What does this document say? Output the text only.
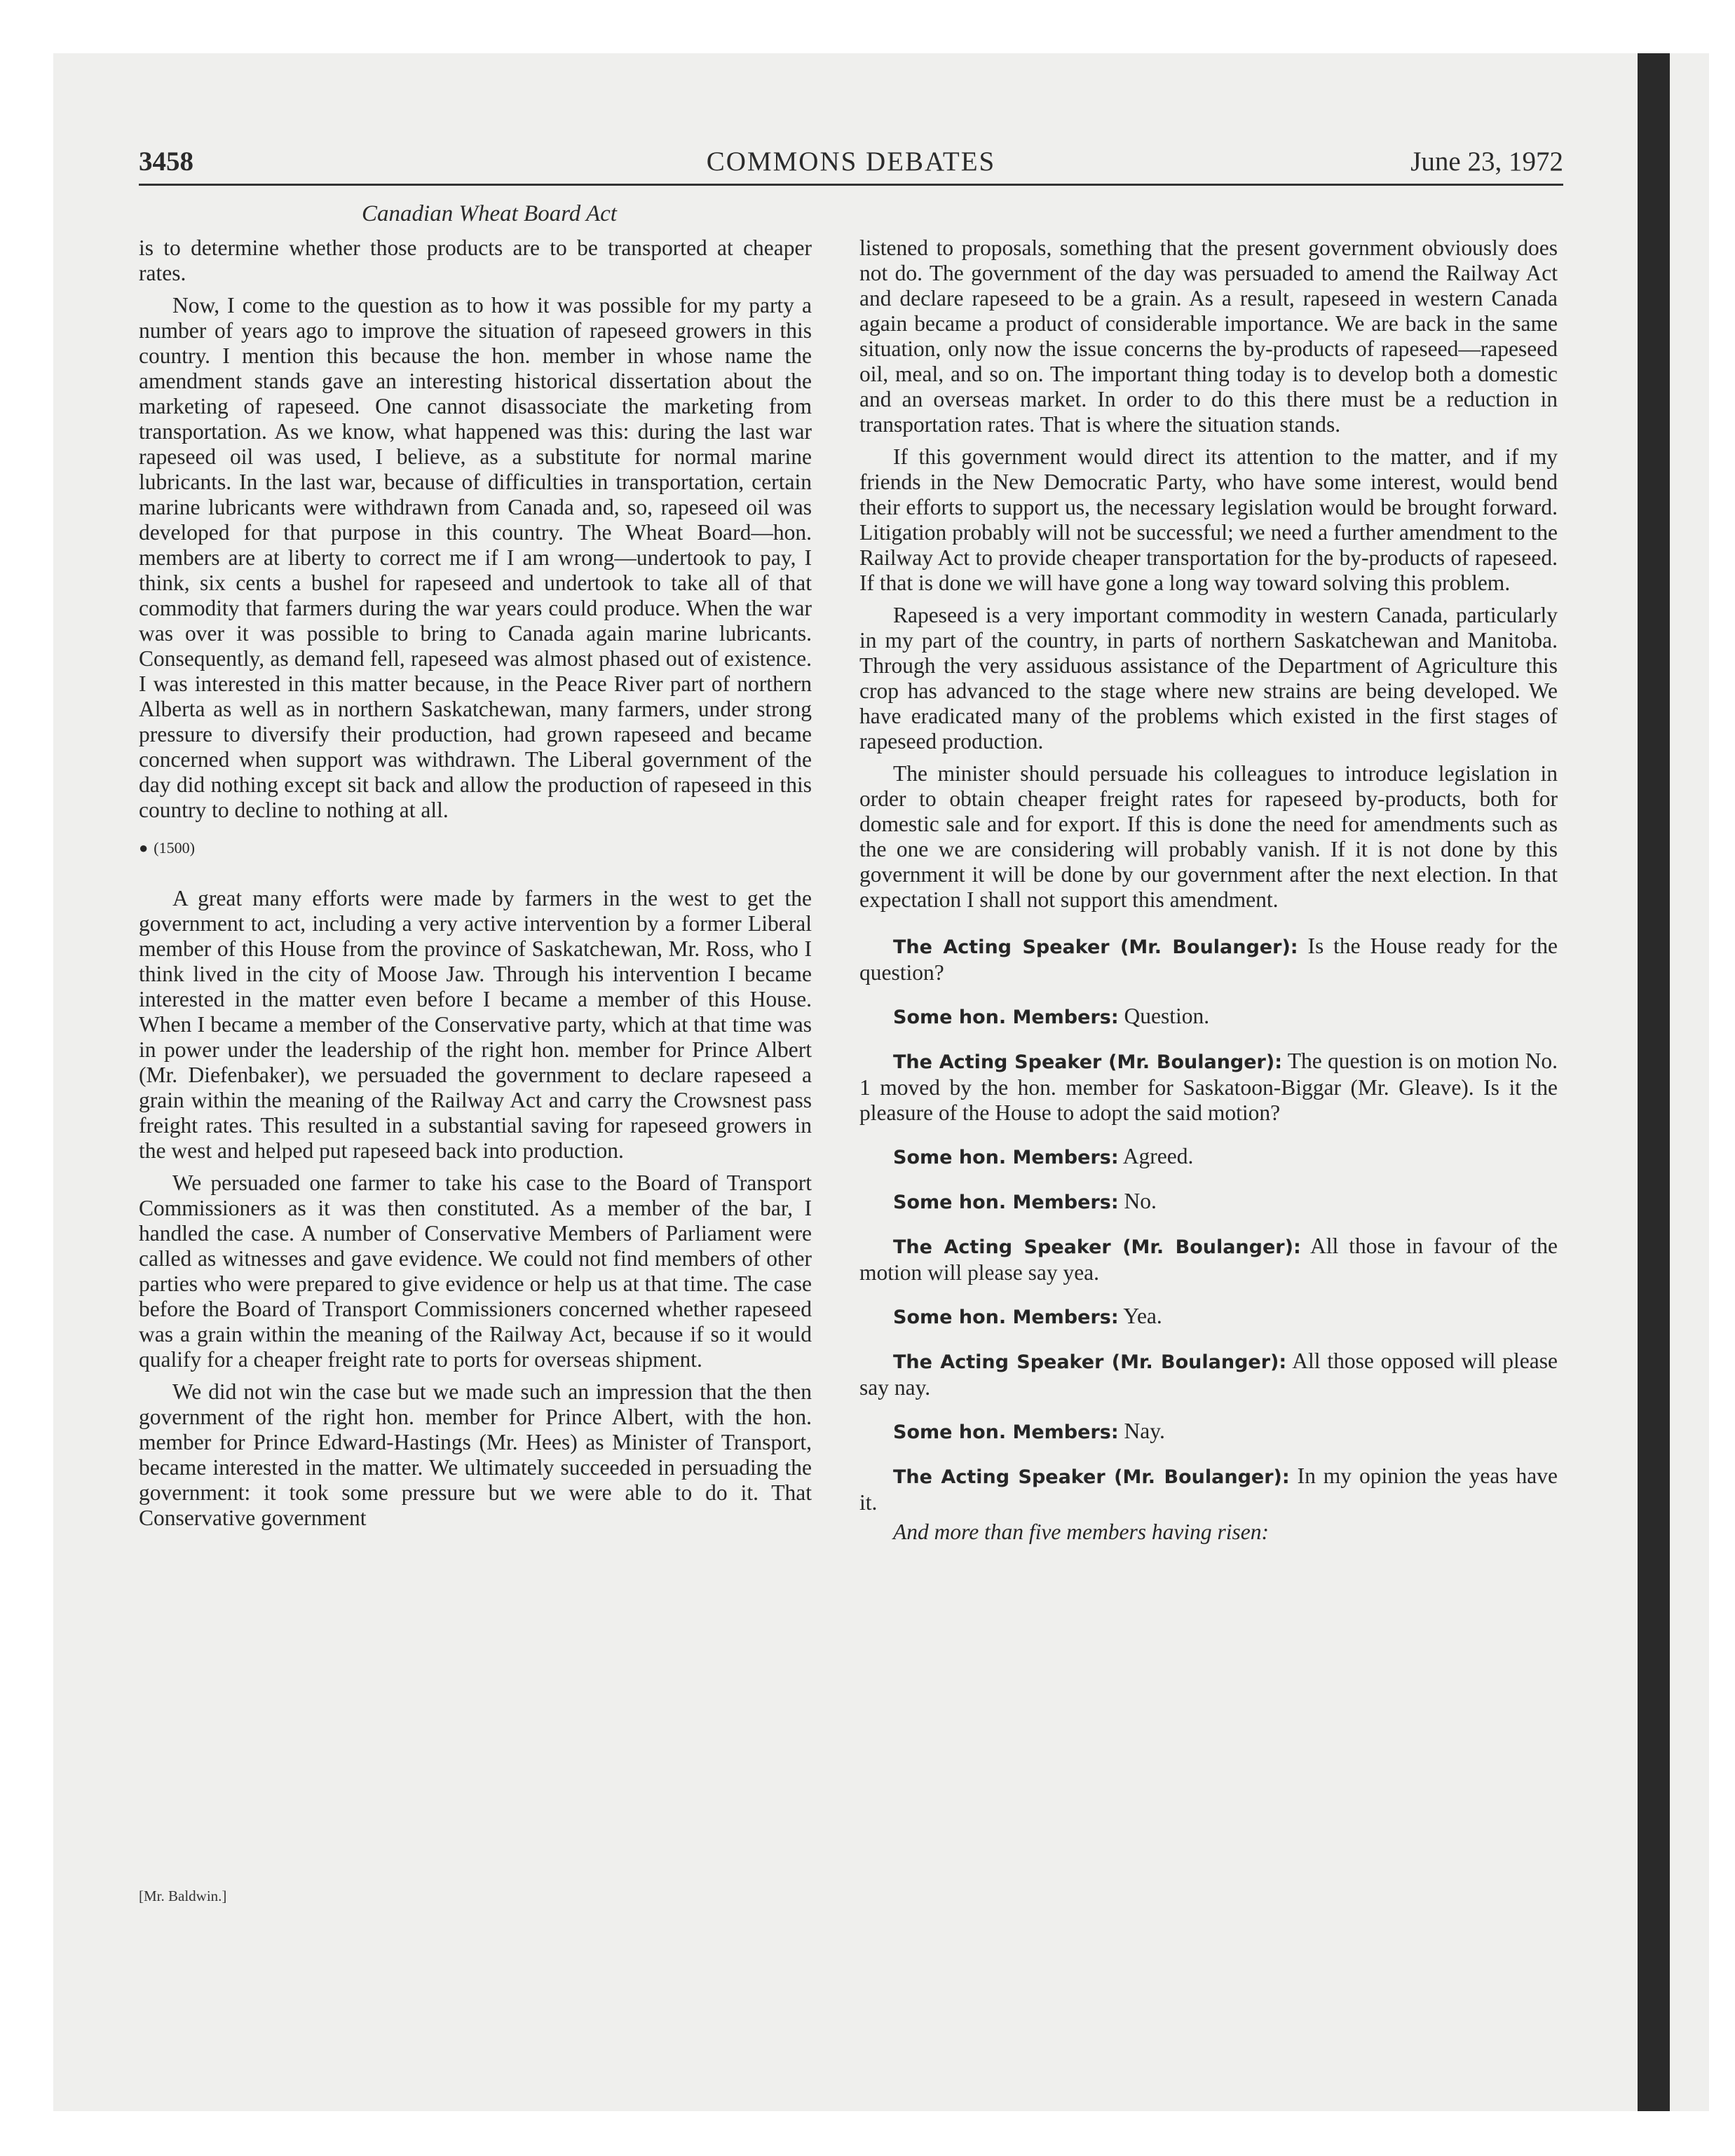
3458	COMMONS DEBATES	June 23, 1972
Canadian Wheat Board Act

is to determine whether those products are to be transported at cheaper rates.

Now, I come to the question as to how it was possible for my party a number of years ago to improve the situation of rapeseed growers in this country. I mention this because the hon. member in whose name the amendment stands gave an interesting historical dissertation about the marketing of rapeseed. One cannot disassociate the marketing from transportation. As we know, what happened was this: during the last war rapeseed oil was used, I believe, as a substitute for normal marine lubricants. In the last war, because of difficulties in transportation, certain marine lubricants were withdrawn from Canada and, so, rapeseed oil was developed for that purpose in this country. The Wheat Board—hon. members are at liberty to correct me if I am wrong—undertook to pay, I think, six cents a bushel for rapeseed and undertook to take all of that commodity that farmers during the war years could produce. When the war was over it was possible to bring to Canada again marine lubricants. Consequently, as demand fell, rapeseed was almost phased out of existence. I was interested in this matter because, in the Peace River part of northern Alberta as well as in northern Saskatchewan, many farmers, under strong pressure to diversify their production, had grown rapeseed and became concerned when support was withdrawn. The Liberal government of the day did nothing except sit back and allow the production of rapeseed in this country to decline to nothing at all.

● (1500)

A great many efforts were made by farmers in the west to get the government to act, including a very active intervention by a former Liberal member of this House from the province of Saskatchewan, Mr. Ross, who I think lived in the city of Moose Jaw. Through his intervention I became interested in the matter even before I became a member of this House. When I became a member of the Conservative party, which at that time was in power under the leadership of the right hon. member for Prince Albert (Mr. Diefenbaker), we persuaded the government to declare rapeseed a grain within the meaning of the Railway Act and carry the Crowsnest pass freight rates. This resulted in a substantial saving for rapeseed growers in the west and helped put rapeseed back into production.

We persuaded one farmer to take his case to the Board of Transport Commissioners as it was then constituted. As a member of the bar, I handled the case. A number of Conservative Members of Parliament were called as witnesses and gave evidence. We could not find members of other parties who were prepared to give evidence or help us at that time. The case before the Board of Transport Commissioners concerned whether rapeseed was a grain within the meaning of the Railway Act, because if so it would qualify for a cheaper freight rate to ports for overseas shipment.

We did not win the case but we made such an impression that the then government of the right hon. member for Prince Albert, with the hon. member for Prince Edward-Hastings (Mr. Hees) as Minister of Transport, became interested in the matter. We ultimately succeeded in persuading the government: it took some pressure but we were able to do it. That Conservative government

listened to proposals, something that the present government obviously does not do. The government of the day was persuaded to amend the Railway Act and declare rapeseed to be a grain. As a result, rapeseed in western Canada again became a product of considerable importance. We are back in the same situation, only now the issue concerns the by-products of rapeseed—rapeseed oil, meal, and so on. The important thing today is to develop both a domestic and an overseas market. In order to do this there must be a reduction in transportation rates. That is where the situation stands.

If this government would direct its attention to the matter, and if my friends in the New Democratic Party, who have some interest, would bend their efforts to support us, the necessary legislation would be brought forward. Litigation probably will not be successful; we need a further amendment to the Railway Act to provide cheaper transportation for the by-products of rapeseed. If that is done we will have gone a long way toward solving this problem.

Rapeseed is a very important commodity in western Canada, particularly in my part of the country, in parts of northern Saskatchewan and Manitoba. Through the very assiduous assistance of the Department of Agriculture this crop has advanced to the stage where new strains are being developed. We have eradicated many of the problems which existed in the first stages of rapeseed production.

The minister should persuade his colleagues to introduce legislation in order to obtain cheaper freight rates for rapeseed by-products, both for domestic sale and for export. If this is done the need for amendments such as the one we are considering will probably vanish. If it is not done by this government it will be done by our government after the next election. In that expectation I shall not support this amendment.

The Acting Speaker (Mr. Boulanger): Is the House ready for the question?

Some hon. Members: Question.

The Acting Speaker (Mr. Boulanger): The question is on motion No. 1 moved by the hon. member for Saskatoon-Biggar (Mr. Gleave). Is it the pleasure of the House to adopt the said motion?

Some hon. Members: Agreed.

Some hon. Members: No.

The Acting Speaker (Mr. Boulanger): All those in favour of the motion will please say yea.

Some hon. Members: Yea.

The Acting Speaker (Mr. Boulanger): All those opposed will please say nay.

Some hon. Members: Nay.

The Acting Speaker (Mr. Boulanger): In my opinion the yeas have it.

And more than five members having risen:

[Mr. Baldwin.]
